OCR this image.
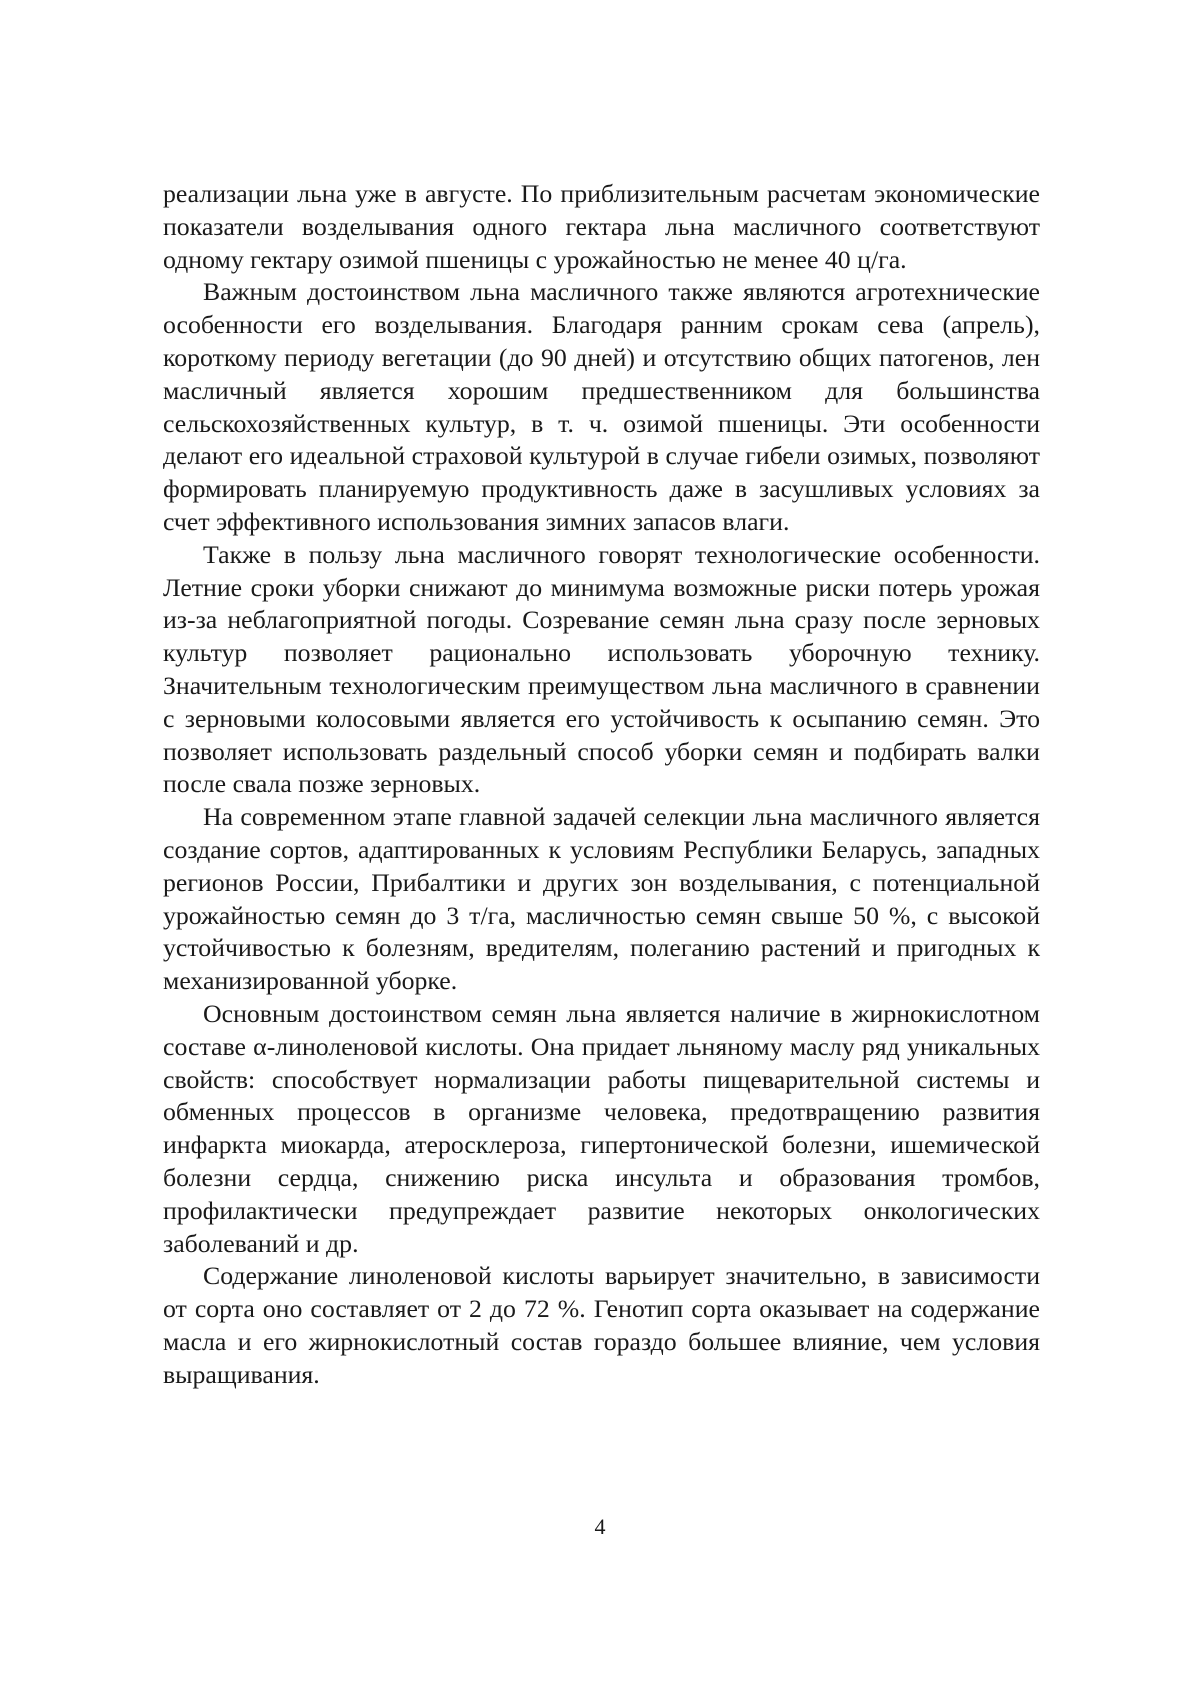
реализации льна уже в августе. По приблизительным расчетам экономические показатели возделывания одного гектара льна масличного соответствуют одному гектару озимой пшеницы с урожайностью не менее 40 ц/га.

Важным достоинством льна масличного также являются агротехнические особенности его возделывания. Благодаря ранним срокам сева (апрель), короткому периоду вегетации (до 90 дней) и отсутствию общих патогенов, лен масличный является хорошим предшественником для большинства сельскохозяйственных культур, в т. ч. озимой пшеницы. Эти особенности делают его идеальной страховой культурой в случае гибели озимых, позволяют формировать планируемую продуктивность даже в засушливых условиях за счет эффективного использования зимних запасов влаги.

Также в пользу льна масличного говорят технологические особенности. Летние сроки уборки снижают до минимума возможные риски потерь урожая из-за неблагоприятной погоды. Созревание семян льна сразу после зерновых культур позволяет рационально использовать уборочную технику. Значительным технологическим преимуществом льна масличного в сравнении с зерновыми колосовыми является его устойчивость к осыпанию семян. Это позволяет использовать раздельный способ уборки семян и подбирать валки после свала позже зерновых.

На современном этапе главной задачей селекции льна масличного является создание сортов, адаптированных к условиям Республики Беларусь, западных регионов России, Прибалтики и других зон возделывания, с потенциальной урожайностью семян до 3 т/га, масличностью семян свыше 50 %, с высокой устойчивостью к болезням, вредителям, полеганию растений и пригодных к механизированной уборке.

Основным достоинством семян льна является наличие в жирнокислотном составе α-линоленовой кислоты. Она придает льняному маслу ряд уникальных свойств: способствует нормализации работы пищеварительной системы и обменных процессов в организме человека, предотвращению развития инфаркта миокарда, атеросклероза, гипертонической болезни, ишемической болезни сердца, снижению риска инсульта и образования тромбов, профилактически предупреждает развитие некоторых онкологических заболеваний и др.

Содержание линоленовой кислоты варьирует значительно, в зависимости от сорта оно составляет от 2 до 72 %. Генотип сорта оказывает на содержание масла и его жирнокислотный состав гораздо большее влияние, чем условия выращивания.

4
